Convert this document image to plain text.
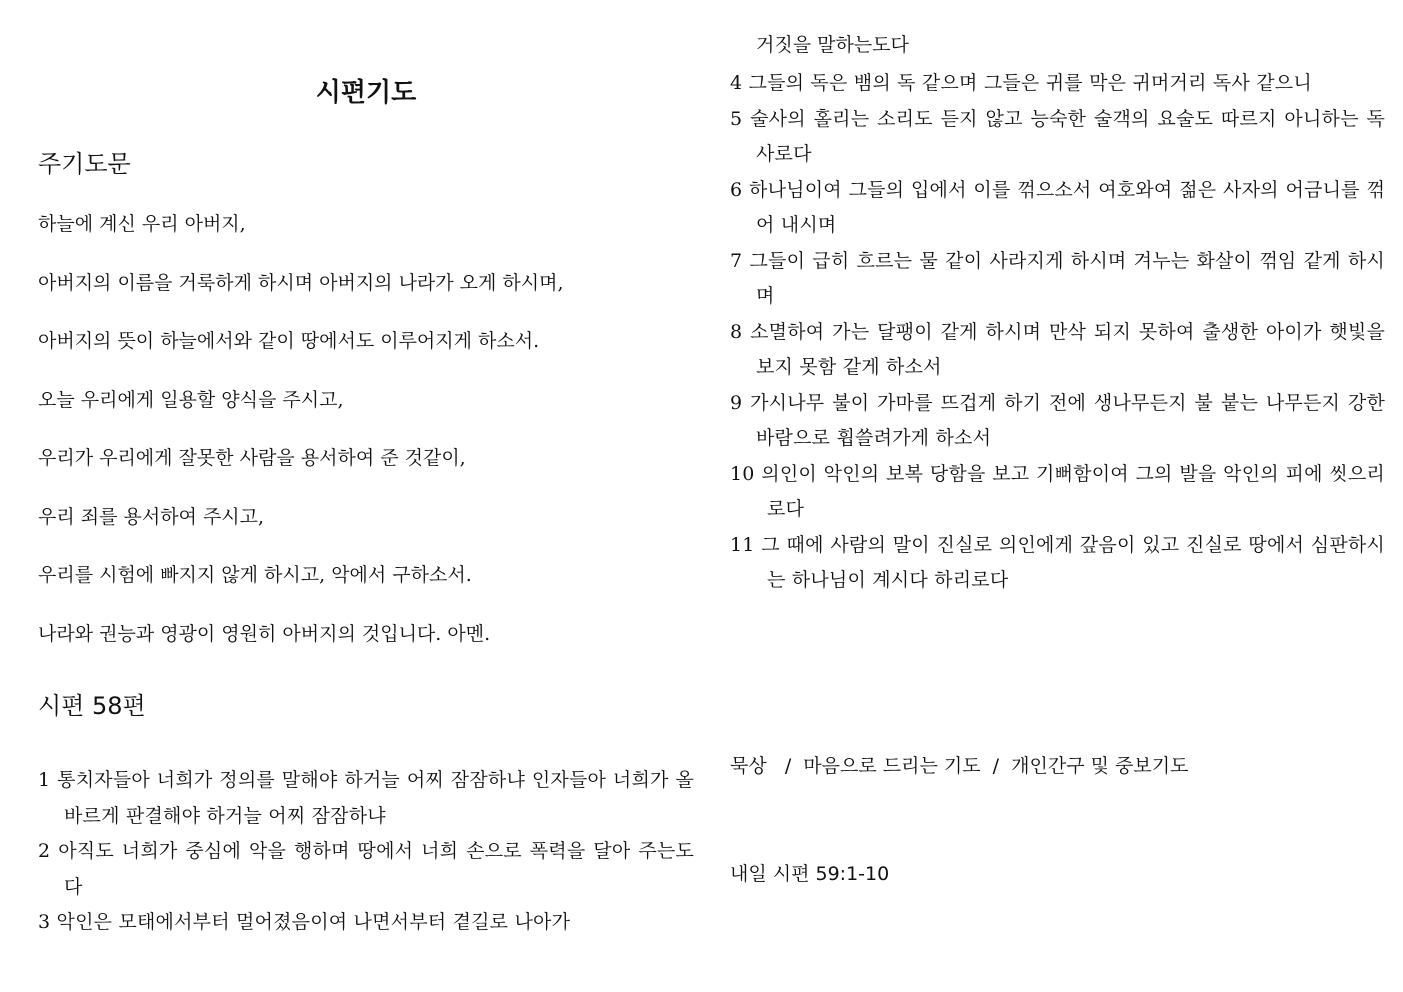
시편기도
주기도문
하늘에 계신 우리 아버지,
아버지의 이름을 거룩하게 하시며 아버지의 나라가 오게 하시며,
아버지의 뜻이 하늘에서와 같이 땅에서도 이루어지게 하소서.
오늘 우리에게 일용할 양식을 주시고,
우리가 우리에게 잘못한 사람을 용서하여 준 것같이,
우리 죄를 용서하여 주시고,
우리를 시험에 빠지지 않게 하시고, 악에서 구하소서.
나라와 권능과 영광이 영원히 아버지의 것입니다. 아멘.
시편 58편
1 통치자들아 너희가 정의를 말해야 하거늘 어찌 잠잠하냐 인자들아 너희가 올바르게 판결해야 하거늘 어찌 잠잠하냐
2 아직도 너희가 중심에 악을 행하며 땅에서 너희 손으로 폭력을 달아 주는도다
3 악인은 모태에서부터 멀어졌음이여 나면서부터 곁길로 나아가
거짓을 말하는도다
4 그들의 독은 뱀의 독 같으며 그들은 귀를 막은 귀머거리 독사 같으니
5 술사의 홀리는 소리도 듣지 않고 능숙한 술객의 요술도 따르지 아니하는 독사로다
6 하나님이여 그들의 입에서 이를 꺾으소서 여호와여 젊은 사자의 어금니를 꺾어 내시며
7 그들이 급히 흐르는 물 같이 사라지게 하시며 겨누는 화살이 꺾임 같게 하시며
8 소멸하여 가는 달팽이 같게 하시며 만삭 되지 못하여 출생한 아이가 햇빛을 보지 못함 같게 하소서
9 가시나무 불이 가마를 뜨겁게 하기 전에 생나무든지 불 붙는 나무든지 강한 바람으로 휩쓸려가게 하소서
10 의인이 악인의 보복 당함을 보고 기뻐함이여 그의 발을 악인의 피에 씻으리로다
11 그 때에 사람의 말이 진실로 의인에게 갚음이 있고 진실로 땅에서 심판하시는 하나님이 계시다 하리로다

묵상   /  마음으로 드리는 기도  /  개인간구 및 중보기도

내일 시편 59:1-10
